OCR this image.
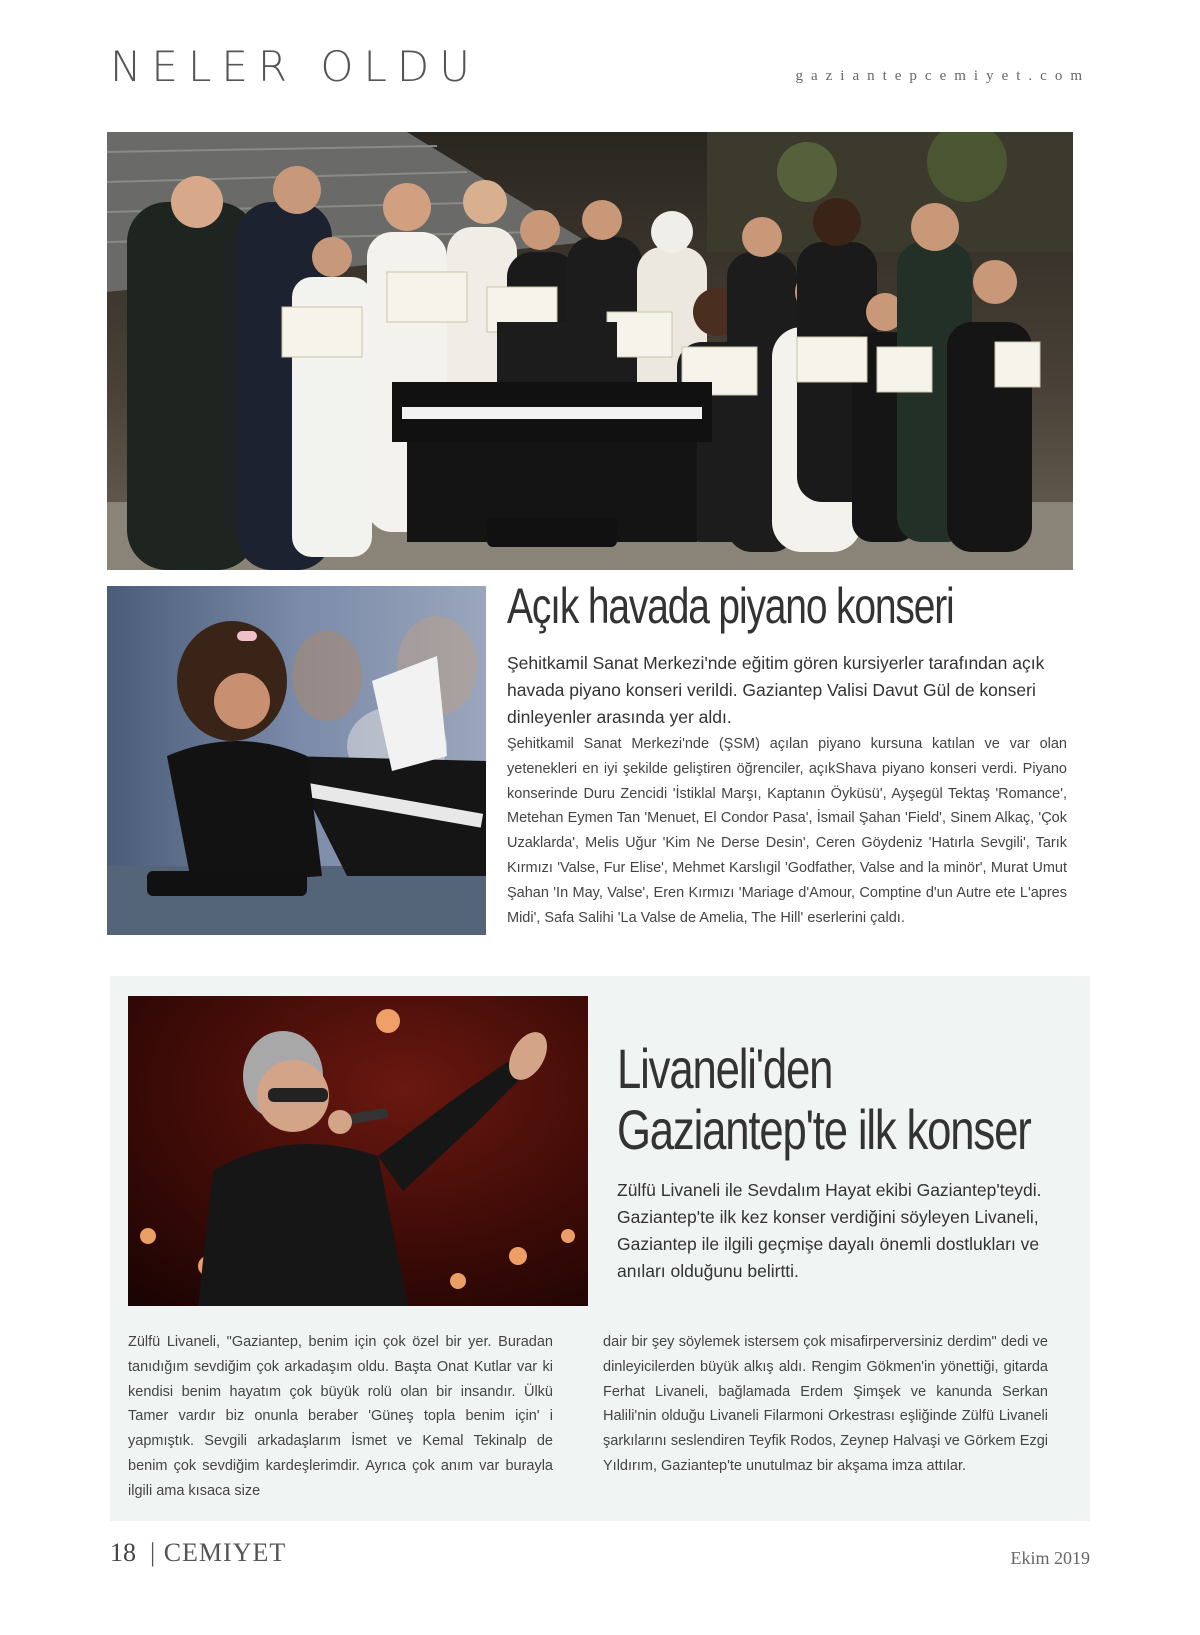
NELER OLDU	gaziantepcemiyet.com
Açık havada piyano konseri

Şehitkamil Sanat Merkezi'nde eğitim gören kursiyerler tarafından açık havada piyano konseri verildi. Gaziantep Valisi Davut Gül de konseri dinleyenler arasında yer aldı.

Şehitkamil Sanat Merkezi'nde (ŞSM) açılan piyano kursuna katılan ve var olan yetenekleri en iyi şekilde geliştiren öğrenciler, açıkShava piyano konseri verdi. Piyano konserinde Duru Zencidi 'İstiklal Marşı, Kaptanın Öyküsü', Ayşegül Tektaş 'Romance', Metehan Eymen Tan 'Menuet, El Condor Pasa', İsmail Şahan 'Field', Sinem Alkaç, 'Çok Uzaklarda', Melis Uğur 'Kim Ne Derse Desin', Ceren Göydeniz 'Hatırla Sevgili', Tarık Kırmızı 'Valse, Fur Elise', Mehmet Karslıgil 'Godfather, Valse and la minör', Murat Umut Şahan 'In May, Valse', Eren Kırmızı 'Mariage d'Amour, Comptine d'un Autre ete L'apres Midi', Safa Salihi 'La Valse de Amelia, The Hill' eserlerini çaldı.

Livaneli'den
Gaziantep'te ilk konser

Zülfü Livaneli ile Sevdalım Hayat ekibi Gaziantep'teydi. Gaziantep'te ilk kez konser verdiğini söyleyen Livaneli, Gaziantep ile ilgili geçmişe dayalı önemli dostlukları ve anıları olduğunu belirtti.

Zülfü Livaneli, "Gaziantep, benim için çok özel bir yer. Buradan tanıdığım sevdiğim çok arkadaşım oldu. Başta Onat Kutlar var ki kendisi benim hayatım çok büyük rolü olan bir insandır. Ülkü Tamer vardır biz onunla beraber 'Güneş topla benim için' i yapmıştık. Sevgili arkadaşlarım İsmet ve Kemal Tekinalp de benim çok sevdiğim kardeşlerimdir. Ayrıca çok anım var burayla ilgili ama kısaca size

dair bir şey söylemek istersem çok misafirperversiniz derdim" dedi ve dinleyicilerden büyük alkış aldı. Rengim Gökmen'in yönettiği, gitarda Ferhat Livaneli, bağlamada Erdem Şimşek ve kanunda Serkan Halili'nin olduğu Livaneli Filarmoni Orkestrası eşliğinde Zülfü Livaneli şarkılarını seslendiren Teyfik Rodos, Zeynep Halvaşi ve Görkem Ezgi Yıldırım, Gaziantep'te unutulmaz bir akşama imza attılar.

18 | CEMIYET	Ekim 2019
